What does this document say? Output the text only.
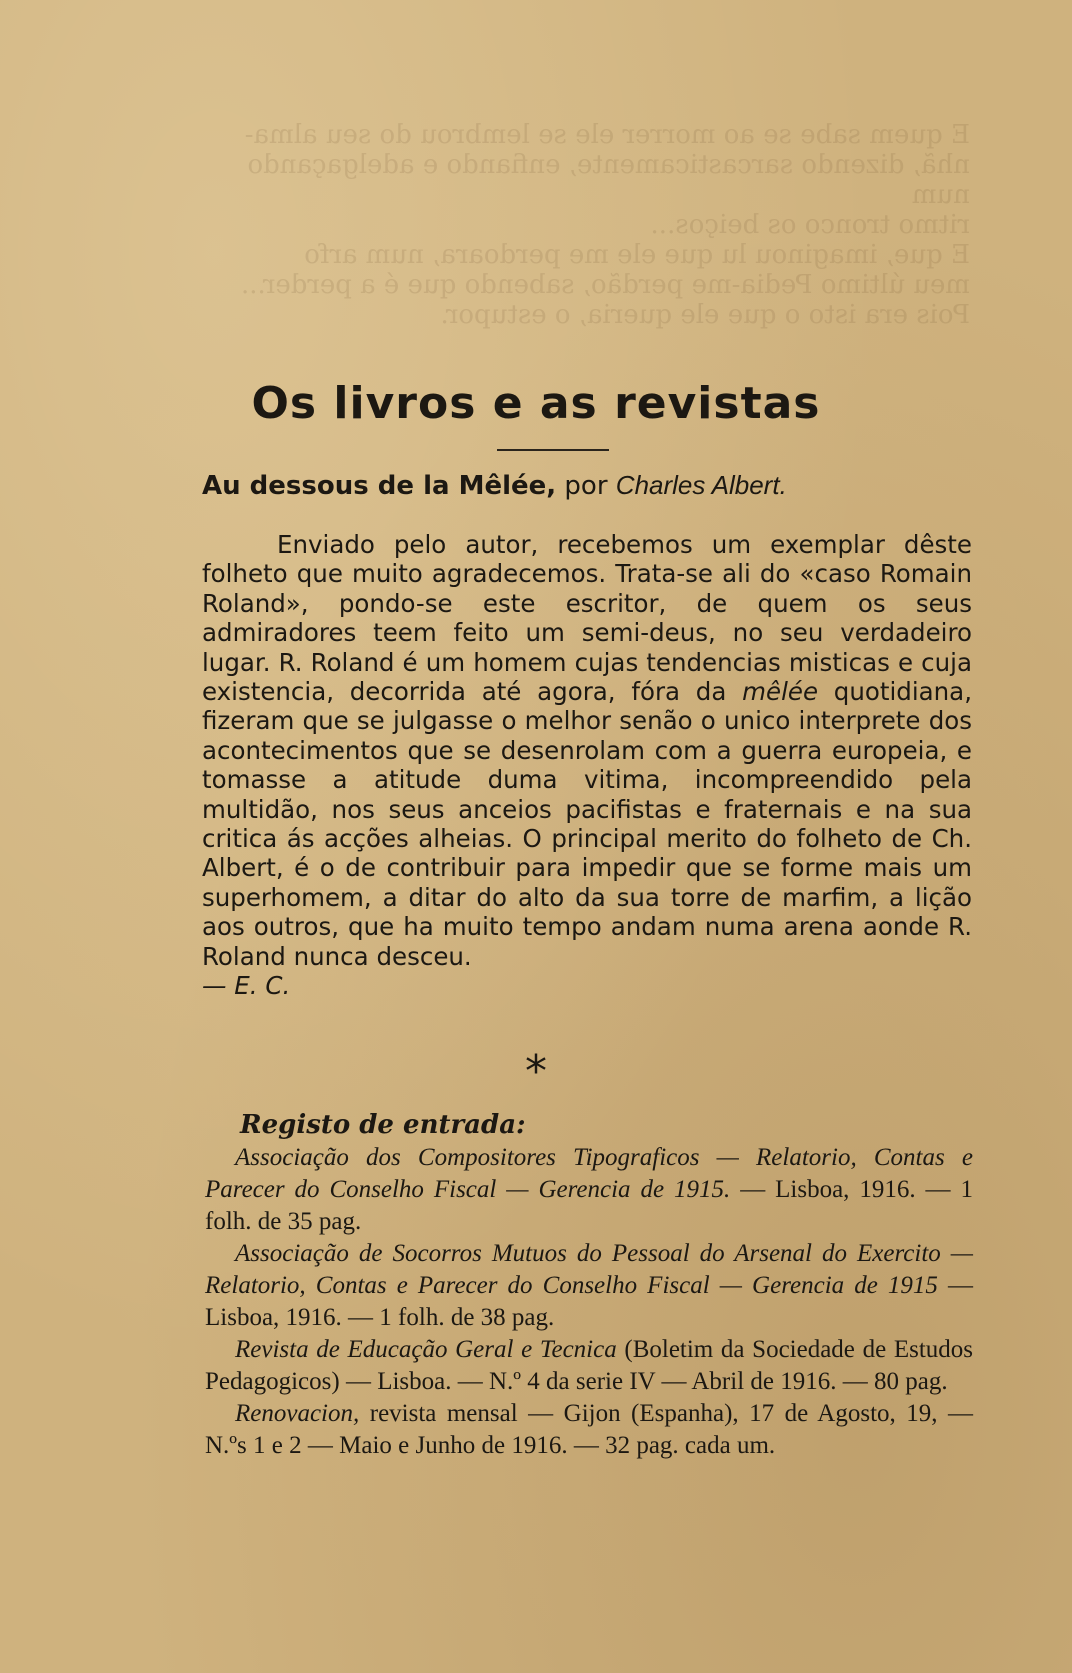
E quem sabe se ao morrer ele se lembrou do seu alma-
nhã, dizendo sarcasticamente, enfiando e adelgaçando num
ritmo tronco os beiços...
E que, imaginou lu que ele me perdoara, num arfo
meu último Pedia-me perdão, sabendo que é a perder...
Pois era isto o que ele queria, o estupor.
Os livros e as revistas
Au dessous de la Mêlée, por Charles Albert.

Enviado pelo autor, recebemos um exemplar dêste folheto que muito agradecemos. Trata-se ali do «caso Romain Roland», pondo-se este escritor, de quem os seus admiradores teem feito um semi-deus, no seu verdadeiro lugar. R. Roland é um homem cujas tendencias misticas e cuja existencia, decorrida até agora, fóra da mêlée quotidiana, fizeram que se julgasse o melhor senão o unico interprete dos acontecimentos que se desenrolam com a guerra europeia, e tomasse a atitude duma vitima, incompreendido pela multidão, nos seus anceios pacifistas e fraternais e na sua critica ás acções alheias. O principal merito do folheto de Ch. Albert, é o de contribuir para impedir que se forme mais um superhomem, a ditar do alto da sua torre de marfim, a lição aos outros, que ha muito tempo andam numa arena aonde R. Roland nunca desceu.
— E. C.

*
Registo de entrada:

Associação dos Compositores Tipograficos — Relatorio, Contas e Parecer do Conselho Fiscal — Gerencia de 1915. — Lisboa, 1916. — 1 folh. de 35 pag.

Associação de Socorros Mutuos do Pessoal do Arsenal do Exercito — Relatorio, Contas e Parecer do Conselho Fiscal — Gerencia de 1915 — Lisboa, 1916. — 1 folh. de 38 pag.

Revista de Educação Geral e Tecnica (Boletim da Sociedade de Estudos Pedagogicos) — Lisboa. — N.º 4 da serie IV — Abril de 1916. — 80 pag.

Renovacion, revista mensal — Gijon (Espanha), 17 de Agosto, 19, — N.ºs 1 e 2 — Maio e Junho de 1916. — 32 pag. cada um.
